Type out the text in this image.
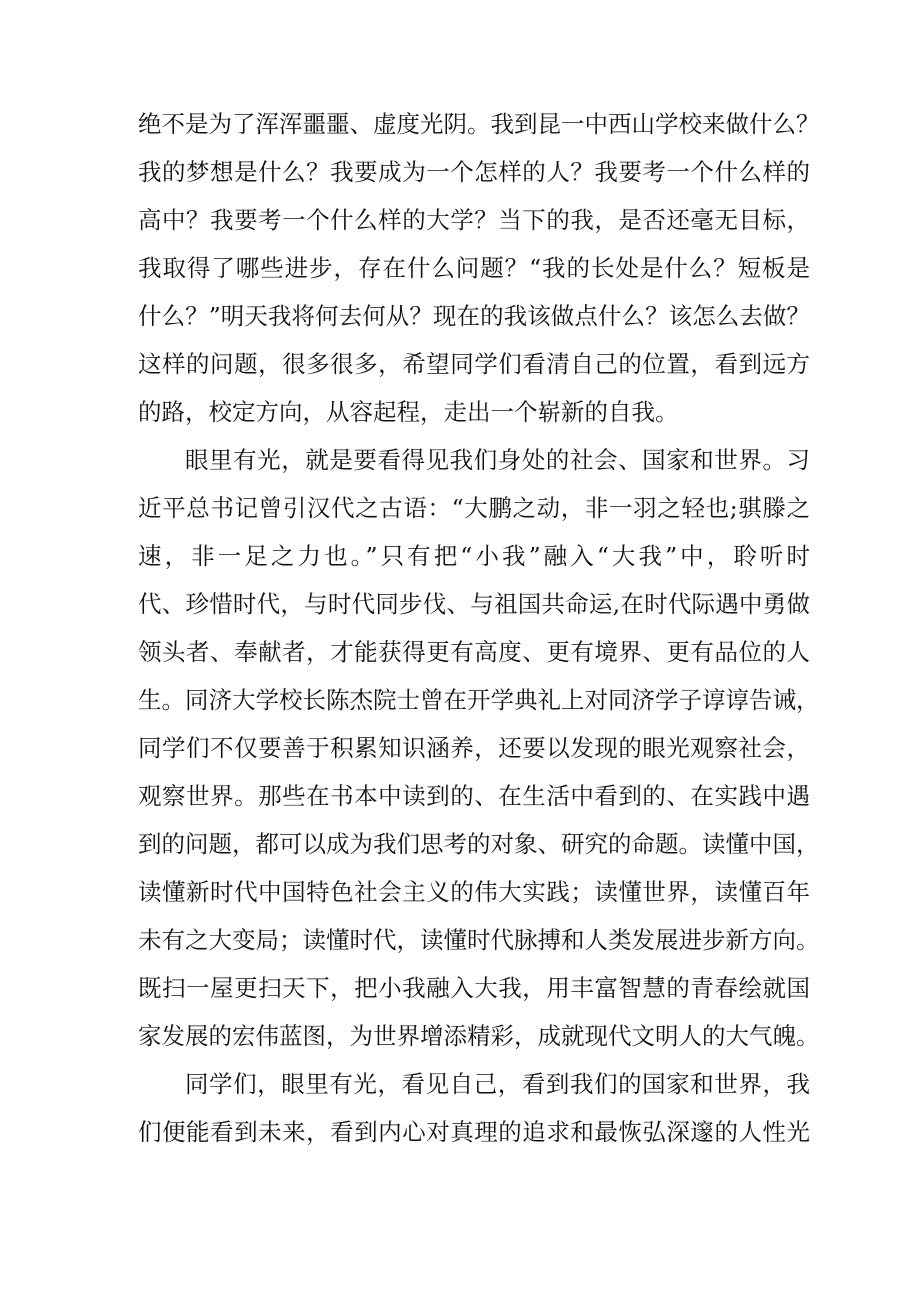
绝不是为了浑浑噩噩、虚度光阴。我到昆一中西山学校来做什么？
我的梦想是什么？我要成为一个怎样的人？我要考一个什么样的
高中？我要考一个什么样的大学？当下的我，是否还毫无目标，
我取得了哪些进步，存在什么问题？“我的长处是什么？短板是
什么？”明天我将何去何从？现在的我该做点什么？该怎么去做？
这样的问题，很多很多，希望同学们看清自己的位置，看到远方
的路，校定方向，从容起程，走出一个崭新的自我。
眼里有光，就是要看得见我们身处的社会、国家和世界。习
近平总书记曾引汉代之古语：“大鹏之动，非一羽之轻也;骐滕之
速，非一足之力也。”只有把“小我”融入“大我”中，聆听时
代、珍惜时代，与时代同步伐、与祖国共命运,在时代际遇中勇做
领头者、奉献者，才能获得更有高度、更有境界、更有品位的人
生。同济大学校长陈杰院士曾在开学典礼上对同济学子谆谆告诫，
同学们不仅要善于积累知识涵养，还要以发现的眼光观察社会，
观察世界。那些在书本中读到的、在生活中看到的、在实践中遇
到的问题，都可以成为我们思考的对象、研究的命题。读懂中国，
读懂新时代中国特色社会主义的伟大实践；读懂世界，读懂百年
未有之大变局；读懂时代，读懂时代脉搏和人类发展进步新方向。
既扫一屋更扫天下，把小我融入大我，用丰富智慧的青春绘就国
家发展的宏伟蓝图，为世界增添精彩，成就现代文明人的大气魄。
同学们，眼里有光，看见自己，看到我们的国家和世界，我
们便能看到未来，看到内心对真理的追求和最恢弘深邃的人性光
